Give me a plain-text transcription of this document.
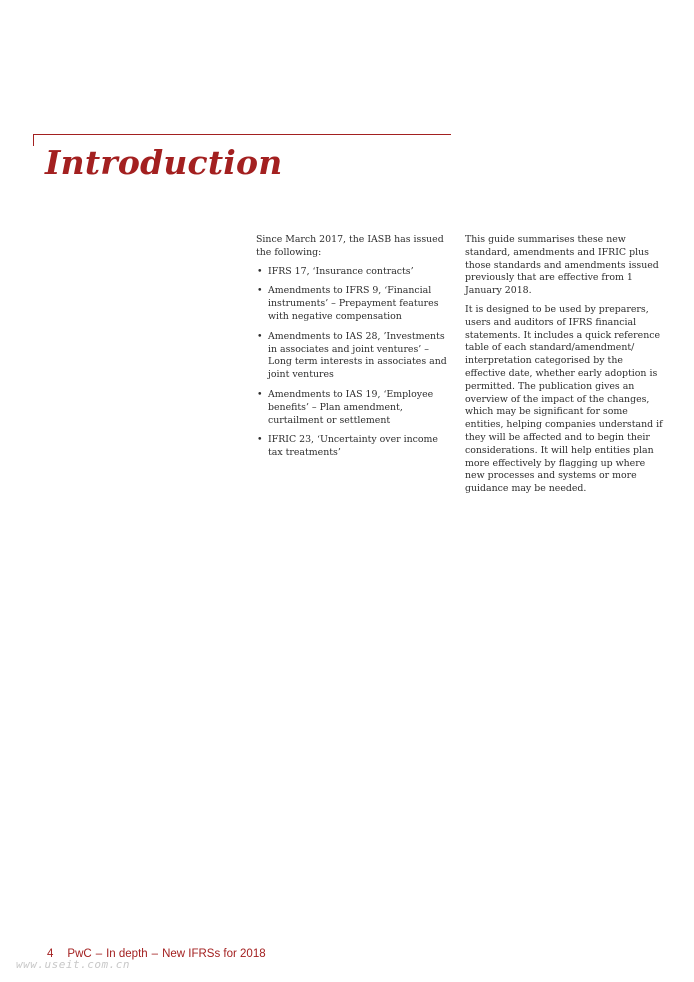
Introduction

Since March 2017, the IASB has issued the following:

• IFRS 17, ‘Insurance contracts’
• Amendments to IFRS 9, ‘Financial instruments’ – Prepayment features with negative compensation
• Amendments to IAS 28, ’Investments in associates and joint ventures’ – Long term interests in associates and joint ventures
• Amendments to IAS 19, ‘Employee benefits’ – Plan amendment, curtailment or settlement
• IFRIC 23, ‘Uncertainty over income tax treatments’

This guide summarises these new standard, amendments and IFRIC plus those standards and amendments issued previously that are effective from 1 January 2018.

It is designed to be used by preparers, users and auditors of IFRS financial statements. It includes a quick reference table of each standard/amendment/ interpretation categorised by the effective date, whether early adoption is permitted. The publication gives an overview of the impact of the changes, which may be significant for some entities, helping companies understand if they will be affected and to begin their considerations. It will help entities plan more effectively by flagging up where new processes and systems or more guidance may be needed.

4 PwC – In depth – New IFRSs for 2018
www.useit.com.cn
